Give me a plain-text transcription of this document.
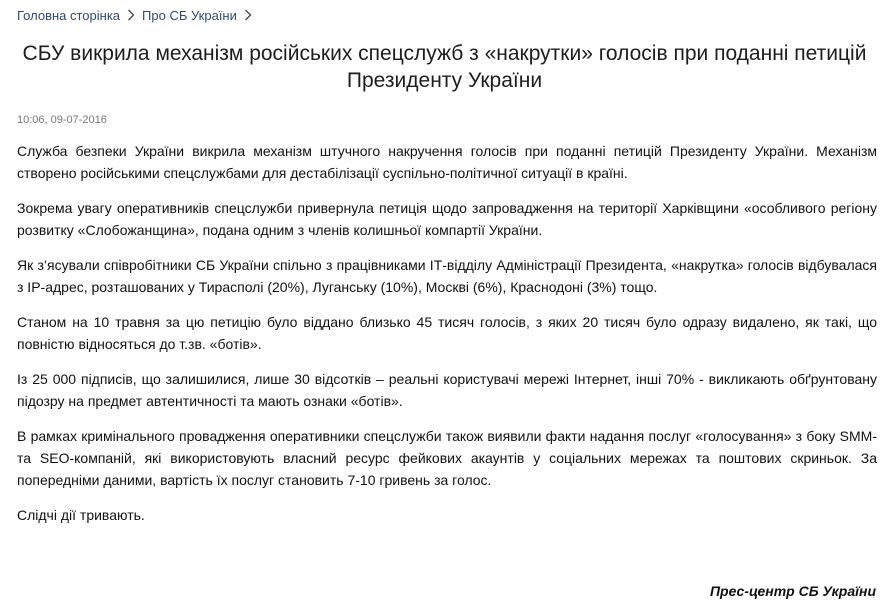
Головна сторінка Про СБ України
СБУ викрила механізм російських спецслужб з «накрутки» голосів при поданні петицій Президенту України
10:06, 09-07-2016

Служба безпеки України викрила механізм штучного накручення голосів при поданні петицій Президенту України. Механізм створено російськими спецслужбами для дестабілізації суспільно-політичної ситуації в країні.

Зокрема увагу оперативників спецслужби привернула петиція щодо запровадження на території Харківщини «особливого регіону розвитку «Слобожанщина», подана одним з членів колишньої компартії України.

Як з’ясували співробітники СБ України спільно з працівниками ІТ-відділу Адміністрації Президента, «накрутка» голосів відбувалася з ІР-адрес, розташованих у Тирасполі (20%), Луганську (10%), Москві (6%), Краснодоні (3%) тощо.

Станом на 10 травня за цю петицію було віддано близько 45 тисяч голосів, з яких 20 тисяч було одразу видалено, як такі, що повністю відносяться до т.зв. «ботів».

Із 25 000 підписів, що залишилися, лише 30 відсотків – реальні користувачі мережі Інтернет, інші 70% - викликають обґрунтовану підозру на предмет автентичності та мають ознаки «ботів».

В рамках кримінального провадження оперативники спецслужби також виявили факти надання послуг «голосування» з боку SMM- та SEO-компаній, які використовують власний ресурс фейкових акаунтів у соціальних мережах та поштових скриньок. За попередніми даними, вартість їх послуг становить 7-10 гривень за голос.

Слідчі дії тривають.

Прес-центр СБ України
